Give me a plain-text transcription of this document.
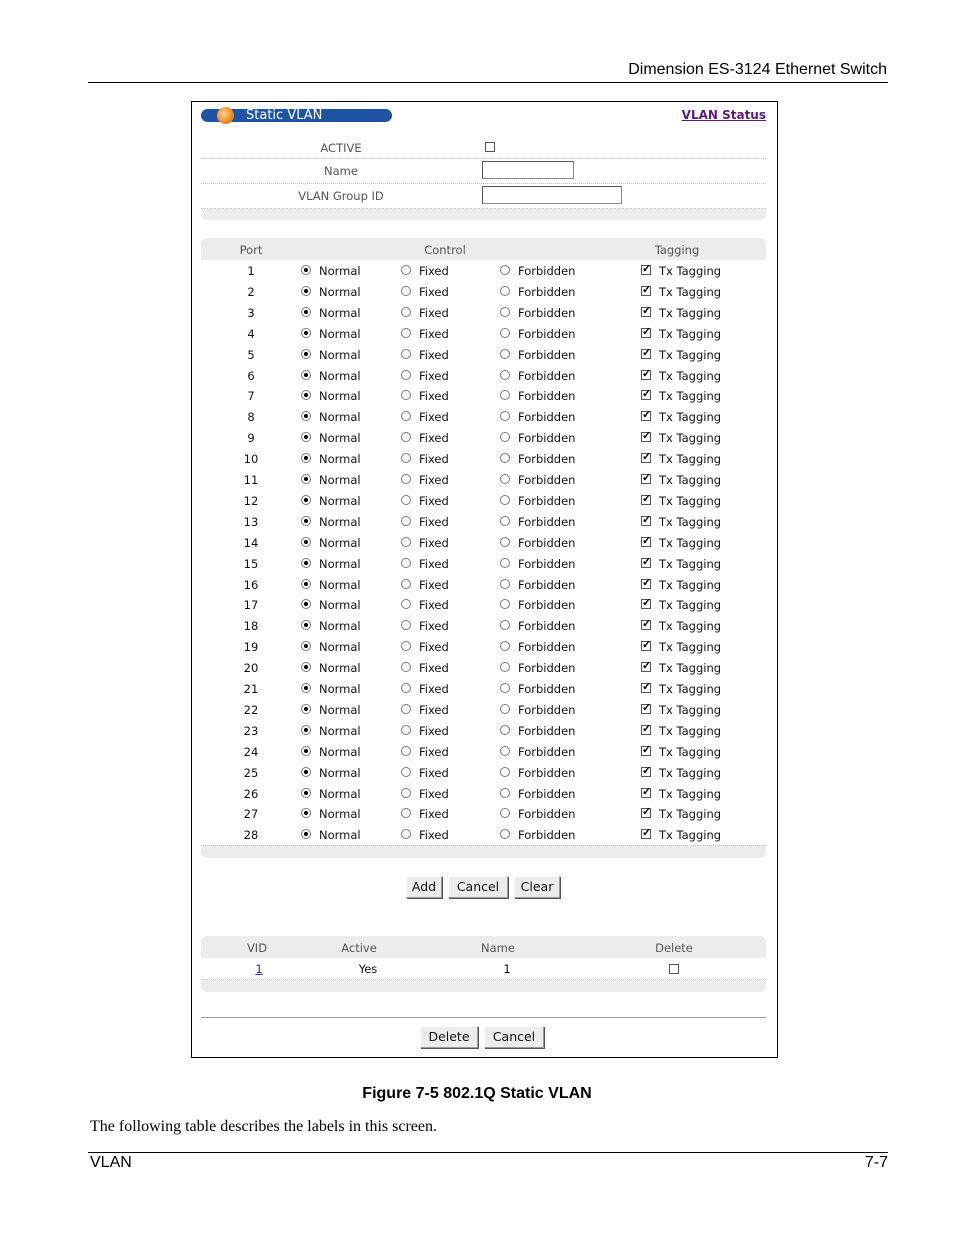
Dimension ES-3124 Ethernet Switch
Static VLAN	VLAN Status
ACTIVE
Name
VLAN Group ID
Port	Control	Tagging
1	Normal	Fixed	Forbidden ✓	Tx Tagging
2	Normal	Fixed	Forbidden ✓	Tx Tagging
3	Normal	Fixed	Forbidden ✓	Tx Tagging
4	Normal	Fixed	Forbidden ✓	Tx Tagging
5	Normal	Fixed	Forbidden ✓	Tx Tagging
6	Normal	Fixed	Forbidden ✓	Tx Tagging
7	Normal	Fixed	Forbidden ✓	Tx Tagging
8	Normal	Fixed	Forbidden ✓	Tx Tagging
9	Normal	Fixed	Forbidden ✓	Tx Tagging
10	Normal	Fixed	Forbidden ✓	Tx Tagging
11	Normal	Fixed	Forbidden ✓	Tx Tagging
12	Normal	Fixed	Forbidden ✓	Tx Tagging
13	Normal	Fixed	Forbidden ✓	Tx Tagging
14	Normal	Fixed	Forbidden ✓	Tx Tagging
15	Normal	Fixed	Forbidden ✓	Tx Tagging
16	Normal	Fixed	Forbidden ✓	Tx Tagging
17	Normal	Fixed	Forbidden ✓	Tx Tagging
18	Normal	Fixed	Forbidden ✓	Tx Tagging
19	Normal	Fixed	Forbidden ✓	Tx Tagging
20	Normal	Fixed	Forbidden ✓	Tx Tagging
21	Normal	Fixed	Forbidden ✓	Tx Tagging
22	Normal	Fixed	Forbidden ✓	Tx Tagging
23	Normal	Fixed	Forbidden ✓	Tx Tagging
24	Normal	Fixed	Forbidden ✓	Tx Tagging
25	Normal	Fixed	Forbidden ✓	Tx Tagging
26	Normal	Fixed	Forbidden ✓	Tx Tagging
27	Normal	Fixed	Forbidden ✓	Tx Tagging
28	Normal	Fixed	Forbidden ✓	Tx Tagging
Add	Cancel	Clear
VID	Active	Name	Delete
1	Yes	1
Delete	Cancel
Figure 7-5 802.1Q Static VLAN
The following table describes the labels in this screen.
VLAN	7-7
